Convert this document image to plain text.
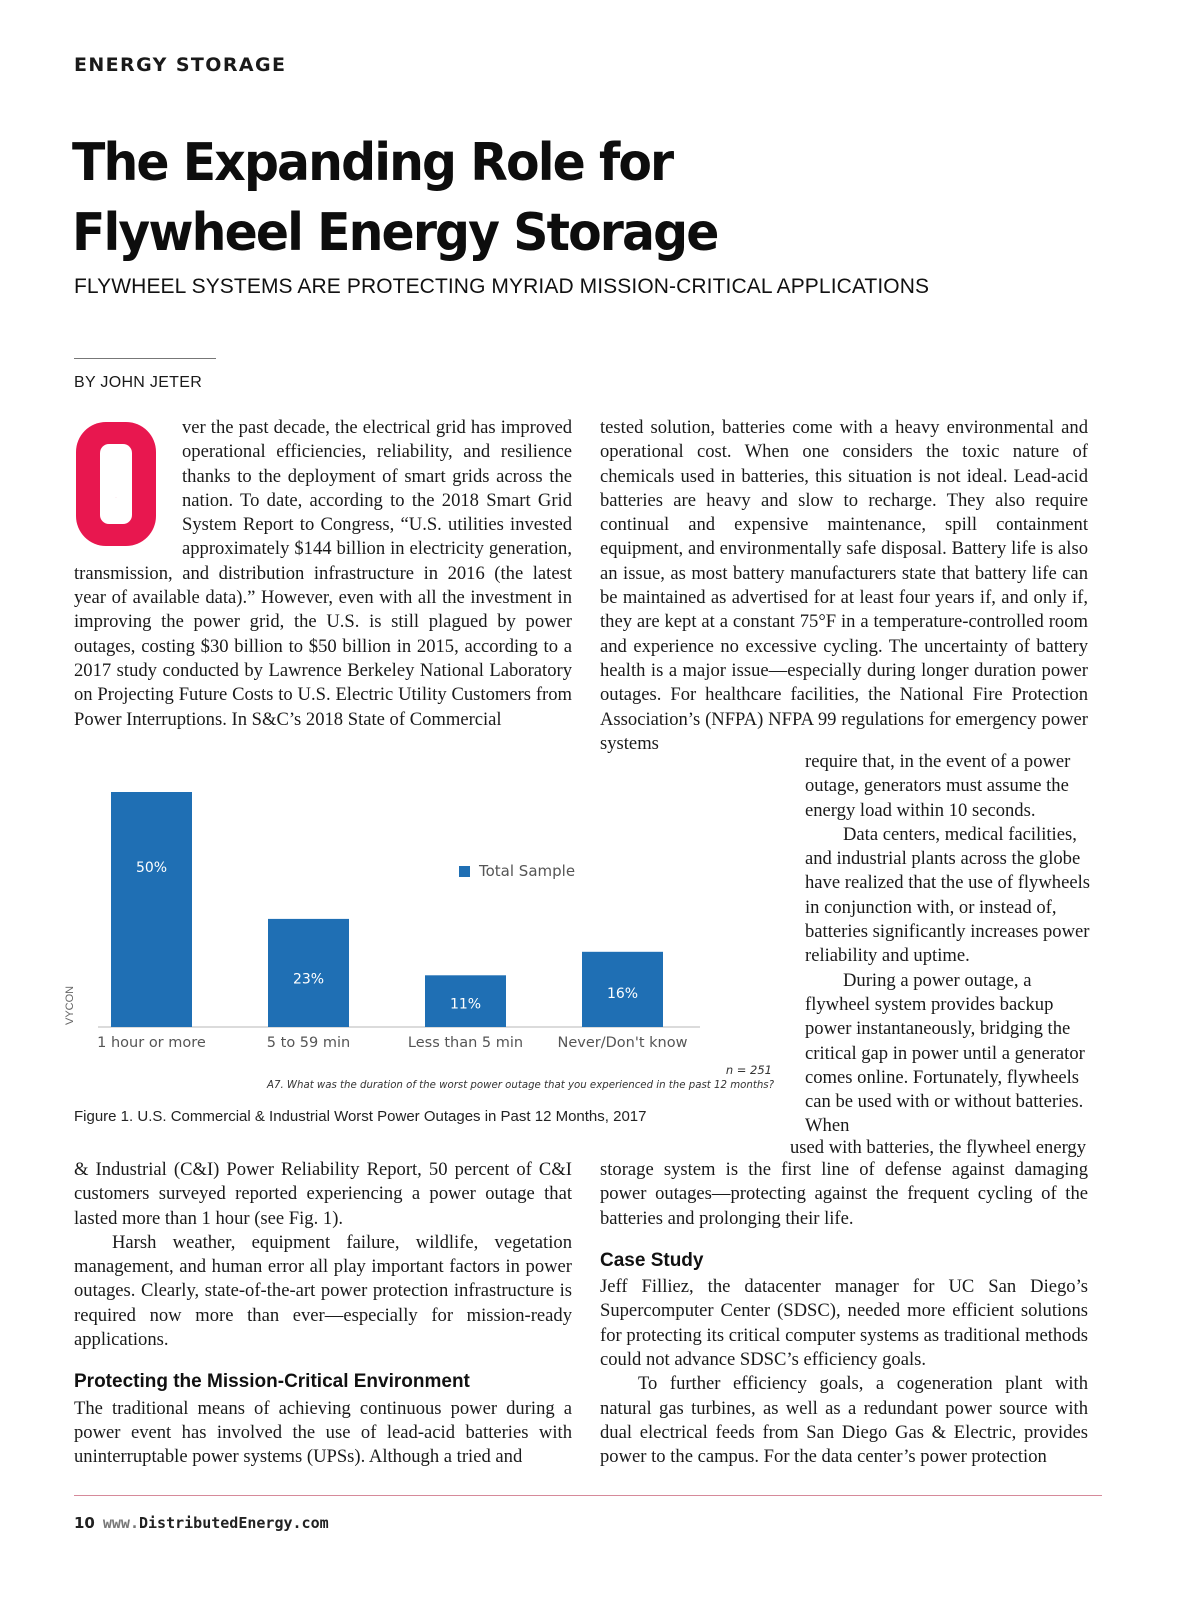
ENERGY STORAGE
The Expanding Role for
Flywheel Energy Storage
FLYWHEEL SYSTEMS ARE PROTECTING MYRIAD MISSION-CRITICAL APPLICATIONS
BY JOHN JETER
O

ver the past decade, the electrical grid has improved operational efficiencies, reliability, and resilience thanks to the deployment of smart grids across the nation. To date, according to the 2018 Smart Grid System Report to Congress, “U.S. utilities invested approximately $144 billion in electricity generation, transmission, and distribution infrastructure in 2016 (the latest year of available data).” However, even with all the investment in improving the power grid, the U.S. is still plagued by power outages, costing $30 billion to $50 billion in 2015, according to a 2017 study conducted by Lawrence Berkeley National Laboratory on Projecting Future Costs to U.S. Electric Utility Customers from Power Interruptions. In S&C’s 2018 State of Commercial

tested solution, batteries come with a heavy environmental and operational cost. When one considers the toxic nature of chemicals used in batteries, this situation is not ideal. Lead-acid batteries are heavy and slow to recharge. They also require continual and expensive maintenance, spill containment equipment, and environmentally safe disposal. Battery life is also an issue, as most battery manufacturers state that battery life can be maintained as advertised for at least four years if, and only if, they are kept at a constant 75°F in a temperature-controlled room and experience no excessive cycling. The uncertainty of battery health is a major issue—especially during longer duration power outages. For healthcare facilities, the National Fire Protection Association’s (NFPA) NFPA 99 regulations for emergency power systems

require that, in the event of a power outage, generators must assume the energy load within 10 seconds.

Data centers, medical facilities, and industrial plants across the globe have realized that the use of flywheels in conjunction with, or instead of, batteries significantly increases power reliability and uptime.

During a power outage, a flywheel system provides backup power instantaneously, bridging the critical gap in power until a generator comes online. Fortunately, flywheels can be used with or without batteries. When

used with batteries, the flywheel energy

VYCON
Total Sample
50%
1 hour or more
23%
5 to 59 min
11%
Less than 5 min
16%
Never/Don't know
n = 251
A7. What was the duration of the worst power outage that you experienced in the past 12 months?
Figure 1. U.S. Commercial & Industrial Worst Power Outages in Past 12 Months, 2017

& Industrial (C&I) Power Reliability Report, 50 percent of C&I customers surveyed reported experiencing a power outage that lasted more than 1 hour (see Fig. 1).

Harsh weather, equipment failure, wildlife, vegetation management, and human error all play important factors in power outages. Clearly, state-of-the-art power protection infrastructure is required now more than ever—especially for mission-ready applications.

Protecting the Mission-Critical Environment

The traditional means of achieving continuous power during a power event has involved the use of lead-acid batteries with uninterruptable power systems (UPSs). Although a tried and

storage system is the first line of defense against damaging power outages—protecting against the frequent cycling of the batteries and prolonging their life.

Case Study

Jeff Filliez, the datacenter manager for UC San Diego’s Supercomputer Center (SDSC), needed more efficient solutions for protecting its critical computer systems as traditional methods could not advance SDSC’s efficiency goals.

To further efficiency goals, a cogeneration plant with natural gas turbines, as well as a redundant power source with dual electrical feeds from San Diego Gas & Electric, provides power to the campus. For the data center’s power protection

10 www.DistributedEnergy.com
